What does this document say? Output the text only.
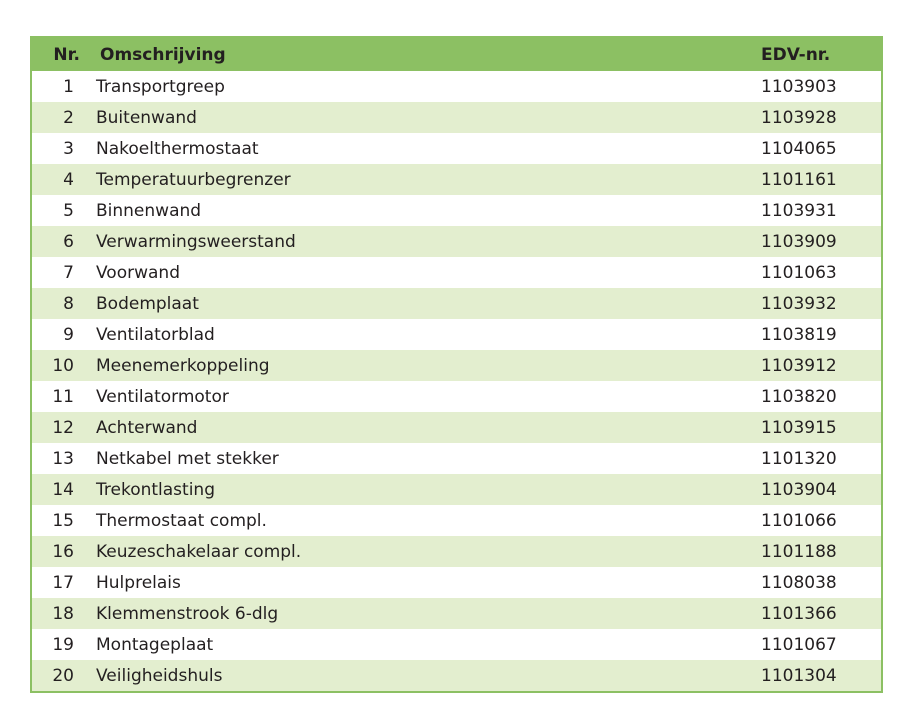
Nr.	Omschrijving	EDV-nr.
1	Transportgreep	1103903
2	Buitenwand	1103928
3	Nakoelthermostaat	1104065
4	Temperatuurbegrenzer	1101161
5	Binnenwand	1103931
6	Verwarmingsweerstand	1103909
7	Voorwand	1101063
8	Bodemplaat	1103932
9	Ventilatorblad	1103819
10	Meenemerkoppeling	1103912
11	Ventilatormotor	1103820
12	Achterwand	1103915
13	Netkabel met stekker	1101320
14	Trekontlasting	1103904
15	Thermostaat compl.	1101066
16	Keuzeschakelaar compl.	1101188
17	Hulprelais	1108038
18	Klemmenstrook 6-dlg	1101366
19	Montageplaat	1101067
20	Veiligheidshuls	1101304
